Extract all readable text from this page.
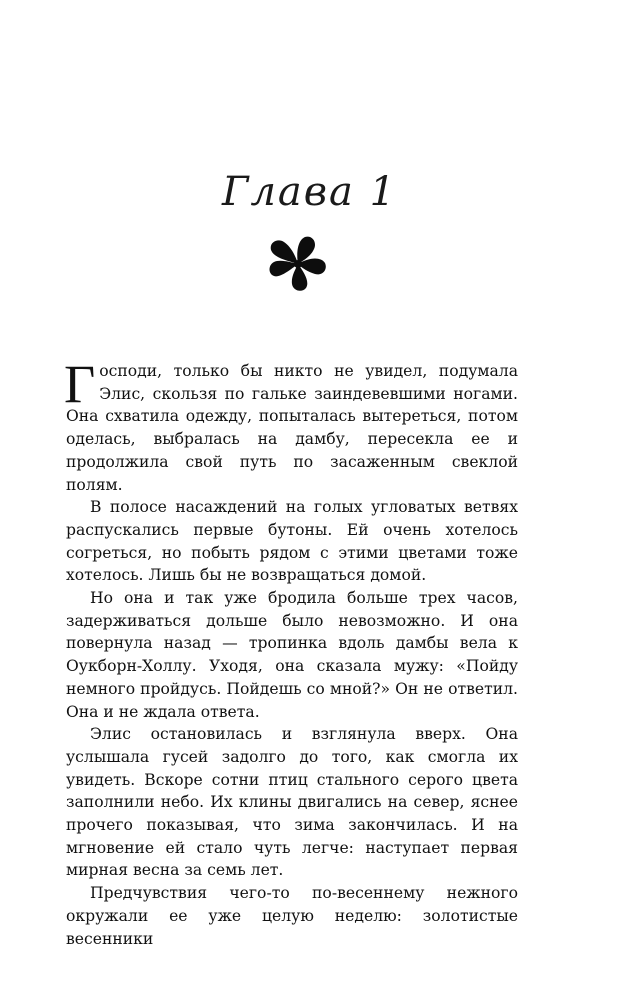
Глава 1

Господи, только бы никто не увидел, подумала Элис, скользя по гальке заиндевевшими ногами. Она схватила одежду, попыталась вытереться, потом оделась, выбралась на дамбу, пересекла ее и продолжила свой путь по засаженным свеклой полям.

В полосе насаждений на голых угловатых ветвях распускались первые бутоны. Ей очень хотелось согреться, но побыть рядом с этими цветами тоже хотелось. Лишь бы не возвращаться домой.

Но она и так уже бродила больше трех часов, задерживаться дольше было невозможно. И она повернула назад — тропинка вдоль дамбы вела к Оукборн-Холлу. Уходя, она сказала мужу: «Пойду немного пройдусь. Пойдешь со мной?» Он не ответил. Она и не ждала ответа.

Элис остановилась и взглянула вверх. Она услышала гусей задолго до того, как смогла их увидеть. Вскоре сотни птиц стального серого цвета заполнили небо. Их клины двигались на север, яснее прочего показывая, что зима закончилась. И на мгновение ей стало чуть легче: наступает первая мирная весна за семь лет.

Предчувствия чего-то по-весеннему нежного окружали ее уже целую неделю: золотистые весенники
